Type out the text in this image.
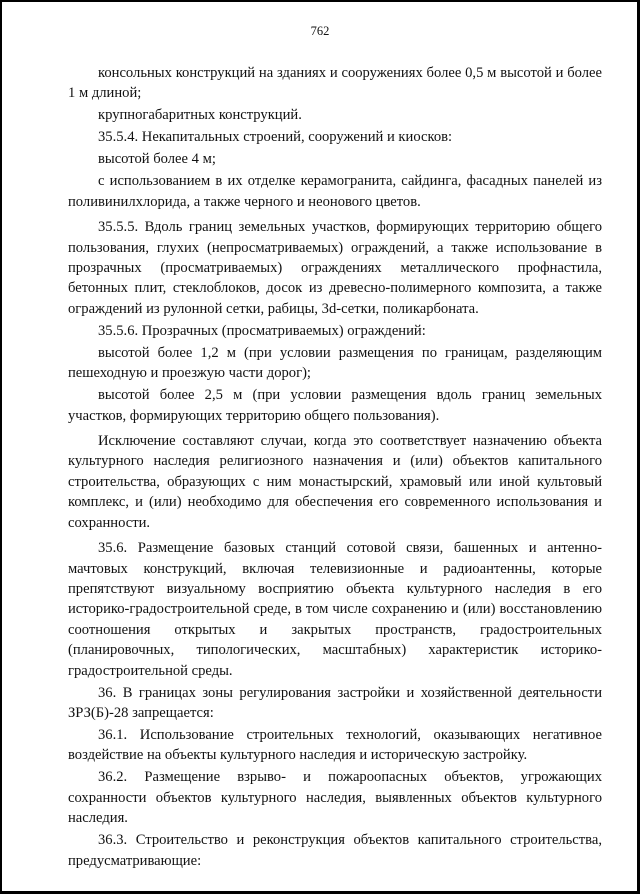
762

консольных конструкций на зданиях и сооружениях более 0,5 м высотой и более 1 м длиной;

крупногабаритных конструкций.

35.5.4. Некапитальных строений, сооружений и киосков:

высотой более 4 м;

с использованием в их отделке керамогранита, сайдинга, фасадных панелей из поливинилхлорида, а также черного и неонового цветов.

35.5.5. Вдоль границ земельных участков, формирующих территорию общего пользования, глухих (непросматриваемых) ограждений, а также использование в прозрачных (просматриваемых) ограждениях металлического профнастила, бетонных плит, стеклоблоков, досок из древесно-полимерного композита, а также ограждений из рулонной сетки, рабицы, 3d-сетки, поликарбоната.

35.5.6. Прозрачных (просматриваемых) ограждений:

высотой более 1,2 м (при условии размещения по границам, разделяющим пешеходную и проезжую части дорог);

высотой более 2,5 м (при условии размещения вдоль границ земельных участков, формирующих территорию общего пользования).

Исключение составляют случаи, когда это соответствует назначению объекта культурного наследия религиозного назначения и (или) объектов капитального строительства, образующих с ним монастырский, храмовый или иной культовый комплекс, и (или) необходимо для обеспечения его современного использования и сохранности.

35.6. Размещение базовых станций сотовой связи, башенных и антенно-мачтовых конструкций, включая телевизионные и радиоантенны, которые препятствуют визуальному восприятию объекта культурного наследия в его историко-градостроительной среде, в том числе сохранению и (или) восстановлению соотношения открытых и закрытых пространств, градостроительных (планировочных, типологических, масштабных) характеристик историко-градостроительной среды.

36. В границах зоны регулирования застройки и хозяйственной деятельности ЗРЗ(Б)-28 запрещается:

36.1. Использование строительных технологий, оказывающих негативное воздействие на объекты культурного наследия и историческую застройку.

36.2. Размещение взрыво- и пожароопасных объектов, угрожающих сохранности объектов культурного наследия, выявленных объектов культурного наследия.

36.3. Строительство и реконструкция объектов капитального строительства, предусматривающие:
